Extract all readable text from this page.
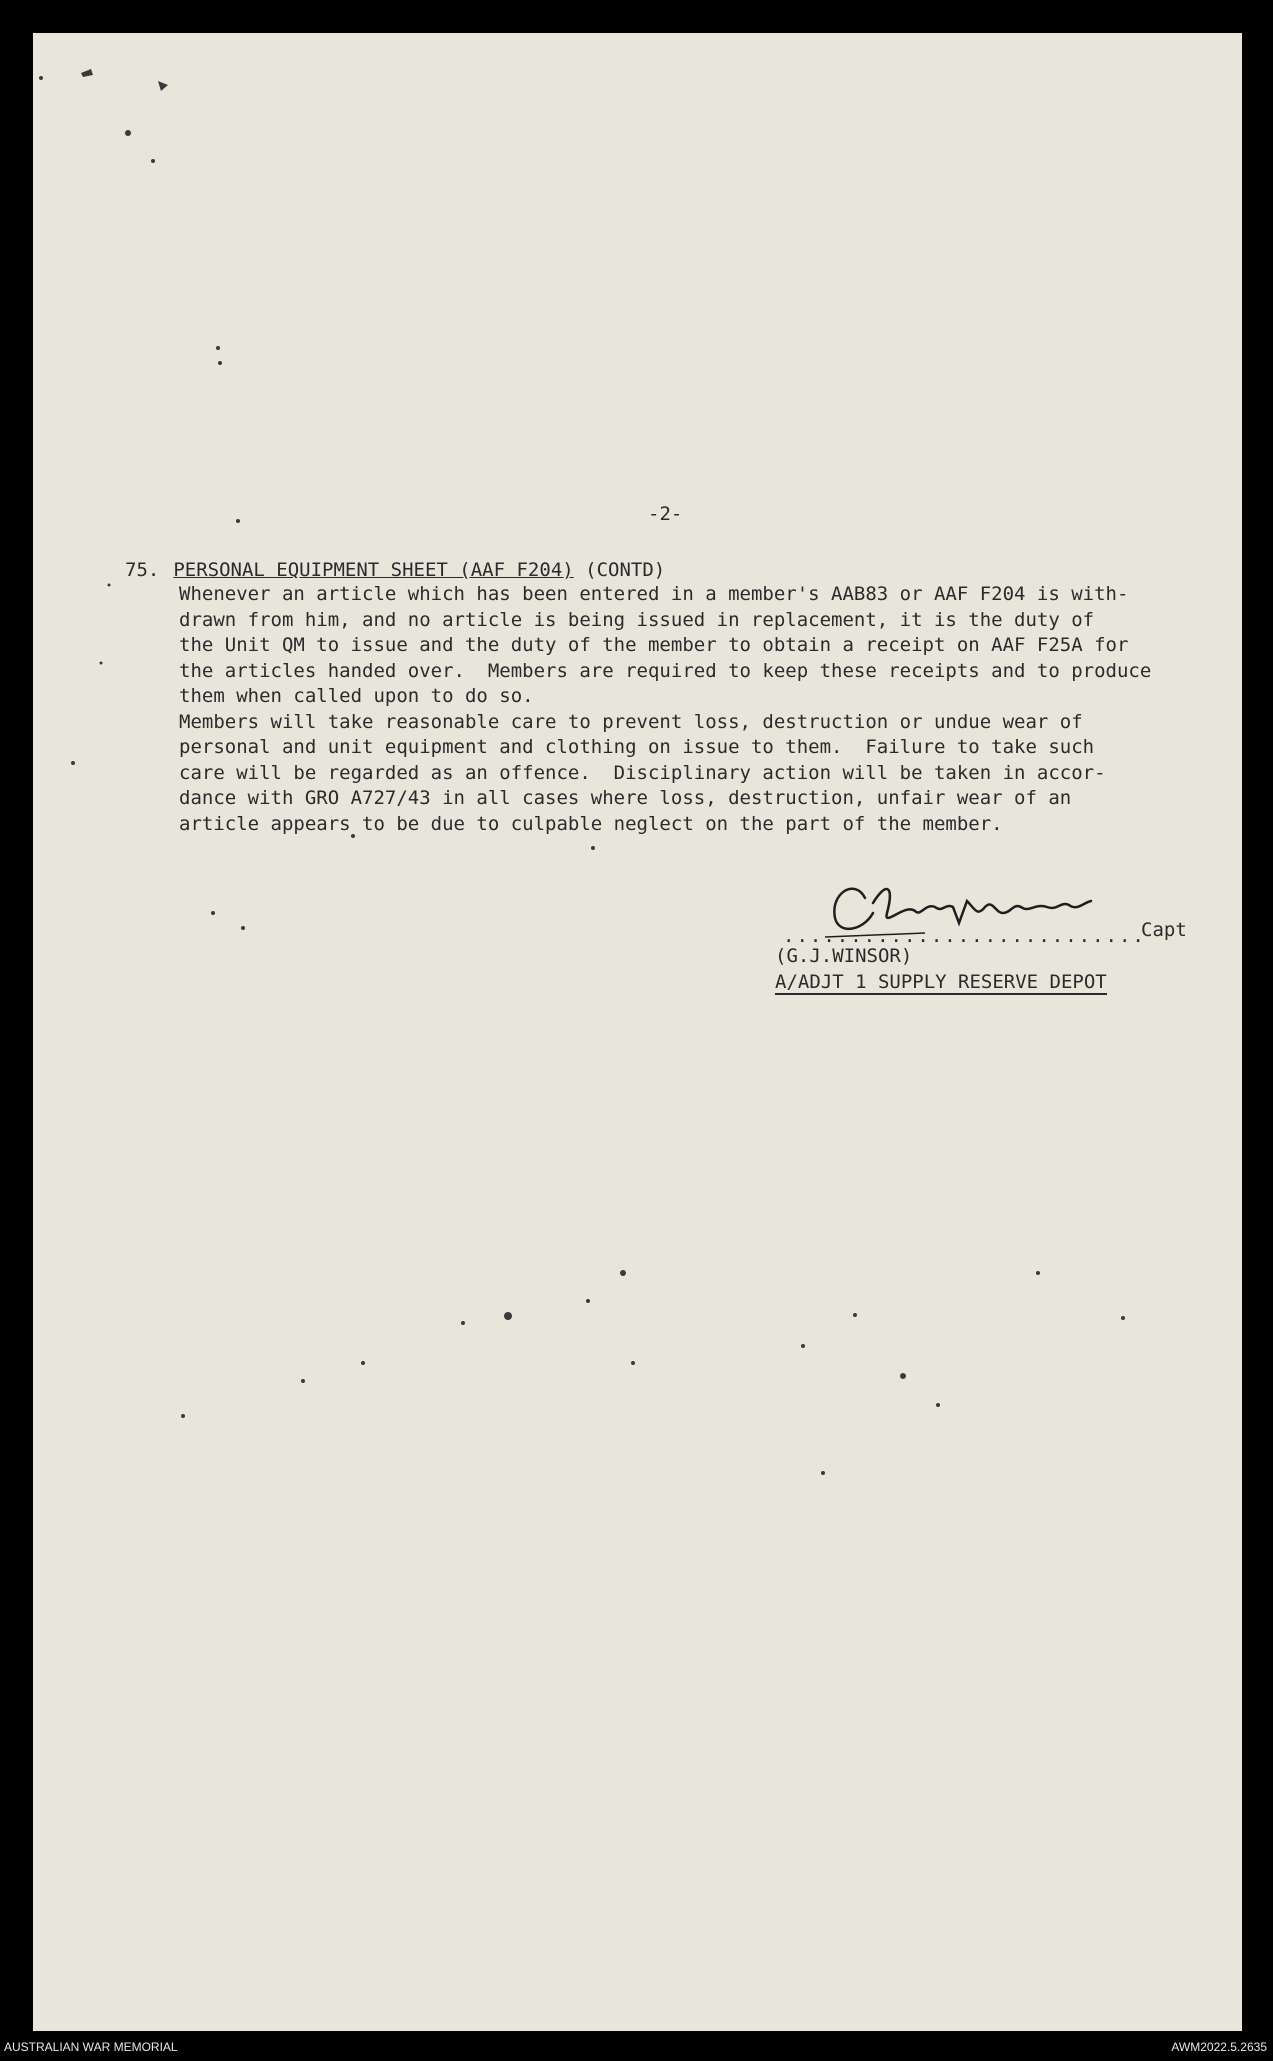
-2-
75. PERSONAL EQUIPMENT SHEET (AAF F204) (CONTD)
Whenever an article which has been entered in a member's AAB83 or AAF F204 is with-
drawn from him, and no article is being issued in replacement, it is the duty of
the Unit QM to issue and the duty of the member to obtain a receipt on AAF F25A for
the articles handed over.  Members are required to keep these receipts and to produce
them when called upon to do so.
Members will take reasonable care to prevent loss, destruction or undue wear of
personal and unit equipment and clothing on issue to them.  Failure to take such
care will be regarded as an offence.  Disciplinary action will be taken in accor-
dance with GRO A727/43 in all cases where loss, destruction, unfair wear of an
article appears to be due to culpable neglect on the part of the member.
...........................
Capt
(G.J.WINSOR)
A/ADJT 1 SUPPLY RESERVE DEPOT
AUSTRALIAN WAR MEMORIAL	AWM2022.5.2635
